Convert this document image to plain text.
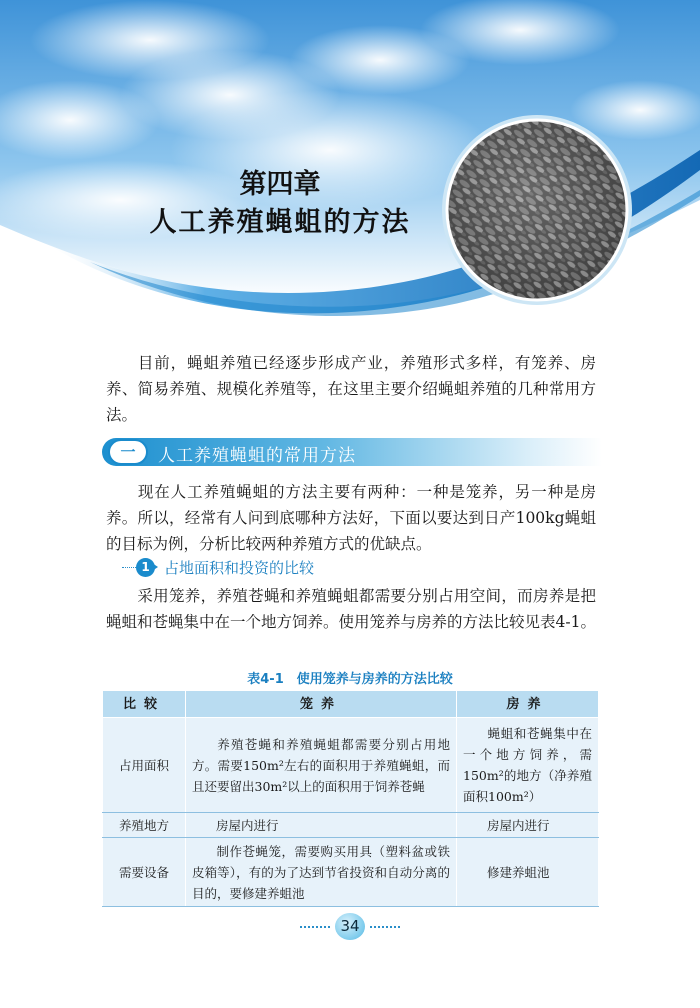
第四章
人工养殖蝇蛆的方法

目前，蝇蛆养殖已经逐步形成产业，养殖形式多样，有笼养、房养、简易养殖、规模化养殖等，在这里主要介绍蝇蛆养殖的几种常用方法。

一	人工养殖蝇蛆的常用方法

现在人工养殖蝇蛆的方法主要有两种：一种是笼养，另一种是房养。所以，经常有人问到底哪种方法好，下面以要达到日产100kg蝇蛆的目标为例，分析比较两种养殖方式的优缺点。

1 占地面积和投资的比较

采用笼养，养殖苍蝇和养殖蝇蛆都需要分别占用空间，而房养是把蝇蛆和苍蝇集中在一个地方饲养。使用笼养与房养的方法比较见表4-1。

表4-1　使用笼养与房养的方法比较
比较	笼养	房养
占用面积	养殖苍蝇和养殖蝇蛆都需要分别占用地方。需要150m²左右的面积用于养殖蝇蛆，而且还要留出30m²以上的面积用于饲养苍蝇	蝇蛆和苍蝇集中在一个地方饲养，需150m²的地方（净养殖面积100m²）
养殖地方	房屋内进行	房屋内进行
需要设备	制作苍蝇笼，需要购买用具（塑料盆或铁皮箱等），有的为了达到节省投资和自动分离的目的，要修建养蛆池	修建养蛆池
34
